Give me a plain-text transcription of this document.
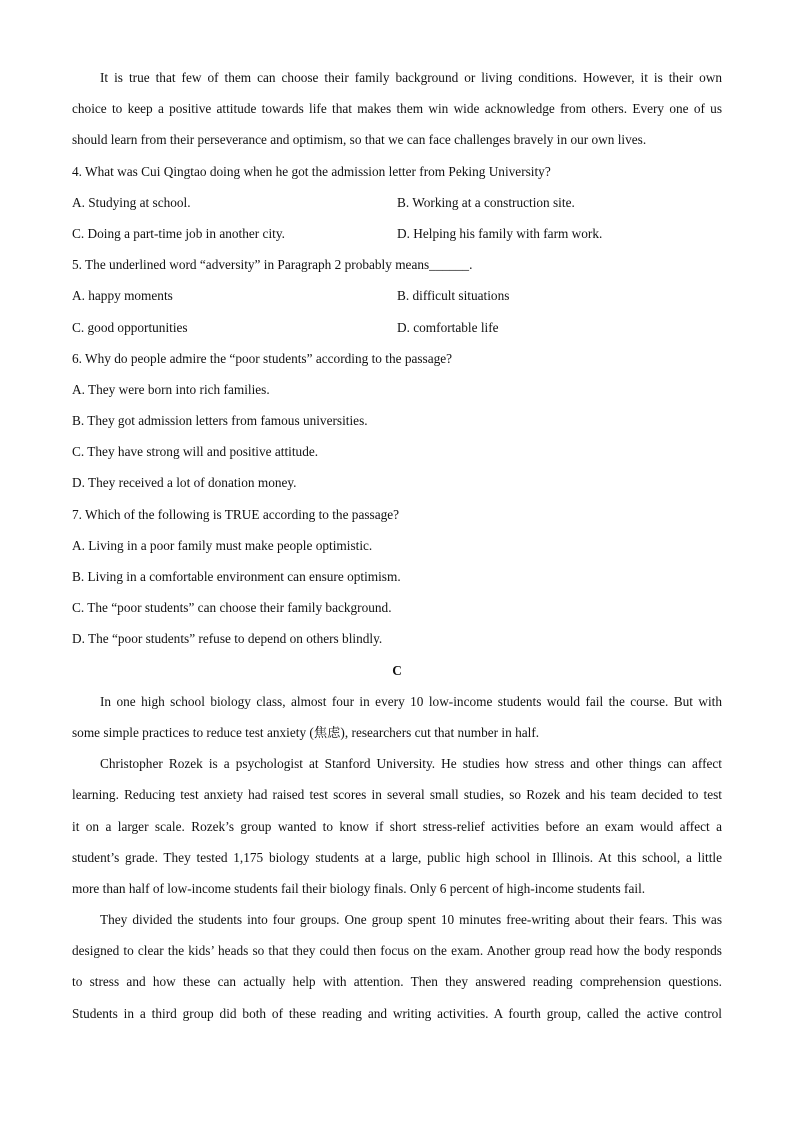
It is true that few of them can choose their family background or living conditions. However, it is their own
choice to keep a positive attitude towards life that makes them win wide acknowledge from others. Every one of us
should learn from their perseverance and optimism, so that we can face challenges bravely in our own lives.
4. What was Cui Qingtao doing when he got the admission letter from Peking University?
A. Studying at school.	B. Working at a construction site.
C. Doing a part-time job in another city.	D. Helping his family with farm work.
5. The underlined word “adversity” in Paragraph 2 probably means______.
A. happy moments	B. difficult situations
C. good opportunities	D. comfortable life
6. Why do people admire the “poor students” according to the passage?
A. They were born into rich families.
B. They got admission letters from famous universities.
C. They have strong will and positive attitude.
D. They received a lot of donation money.
7. Which of the following is TRUE according to the passage?
A. Living in a poor family must make people optimistic.
B. Living in a comfortable environment can ensure optimism.
C. The “poor students” can choose their family background.
D. The “poor students” refuse to depend on others blindly.
C
In one high school biology class, almost four in every 10 low-income students would fail the course. But with
some simple practices to reduce test anxiety (焦虑), researchers cut that number in half.
Christopher Rozek is a psychologist at Stanford University. He studies how stress and other things can affect
learning. Reducing test anxiety had raised test scores in several small studies, so Rozek and his team decided to test
it on a larger scale. Rozek’s group wanted to know if short stress-relief activities before an exam would affect a
student’s grade. They tested 1,175 biology students at a large, public high school in Illinois. At this school, a little
more than half of low-income students fail their biology finals. Only 6 percent of high-income students fail.
They divided the students into four groups. One group spent 10 minutes free-writing about their fears. This was
designed to clear the kids’ heads so that they could then focus on the exam. Another group read how the body responds
to stress and how these can actually help with attention. Then they answered reading comprehension questions.
Students in a third group did both of these reading and writing activities. A fourth group, called the active control
